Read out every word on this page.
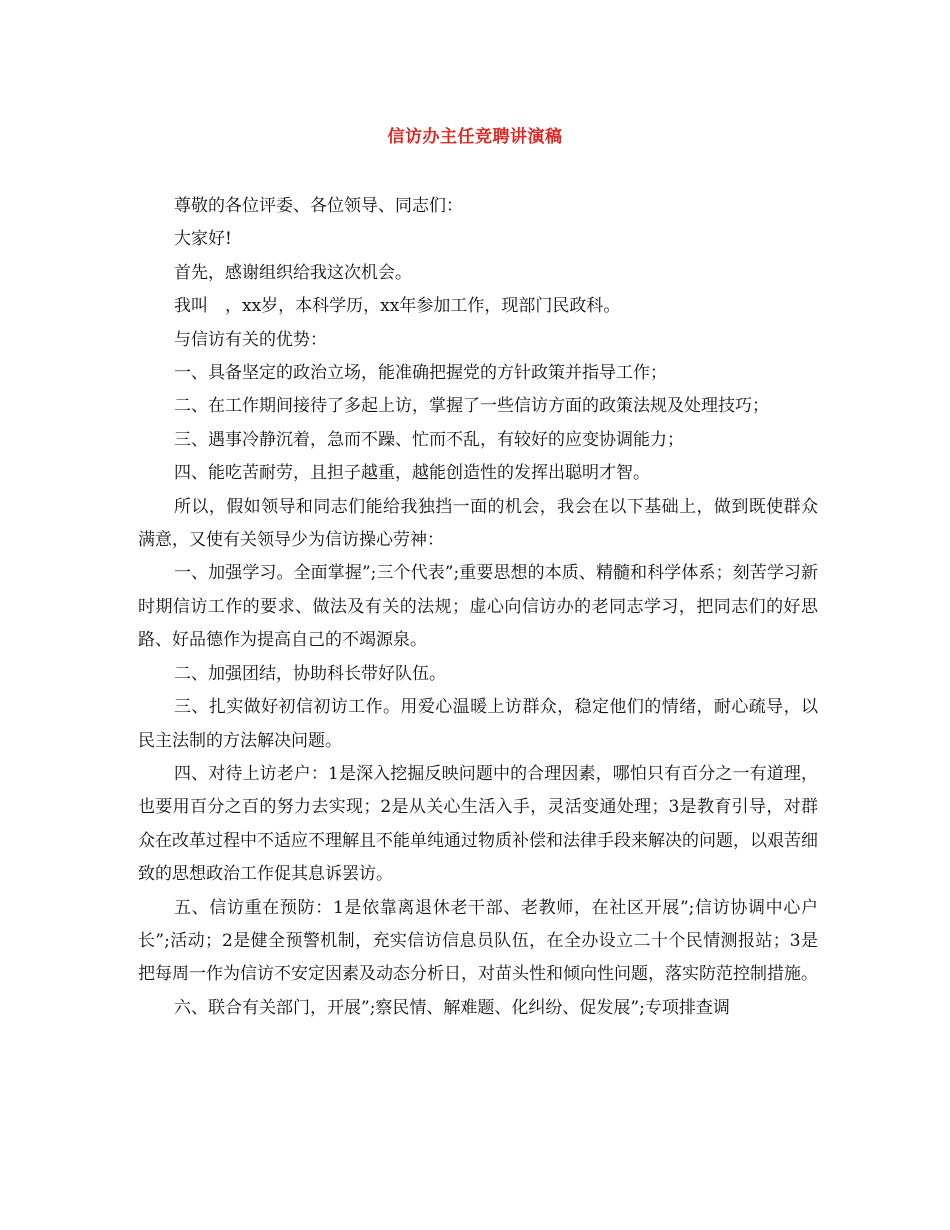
信访办主任竞聘讲演稿

尊敬的各位评委、各位领导、同志们：

大家好!

首先，感谢组织给我这次机会。

我叫　，xx岁，本科学历，xx年参加工作，现部门民政科。

与信访有关的优势：

一、具备坚定的政治立场，能准确把握党的方针政策并指导工作；

二、在工作期间接待了多起上访，掌握了一些信访方面的政策法规及处理技巧；

三、遇事冷静沉着，急而不躁、忙而不乱，有较好的应变协调能力；

四、能吃苦耐劳，且担子越重，越能创造性的发挥出聪明才智。

所以，假如领导和同志们能给我独挡一面的机会，我会在以下基础上，做到既使群众满意，又使有关领导少为信访操心劳神：

一、加强学习。全面掌握”;三个代表”;重要思想的本质、精髓和科学体系；刻苦学习新时期信访工作的要求、做法及有关的法规；虚心向信访办的老同志学习，把同志们的好思路、好品德作为提高自己的不竭源泉。

二、加强团结，协助科长带好队伍。

三、扎实做好初信初访工作。用爱心温暖上访群众，稳定他们的情绪，耐心疏导，以民主法制的方法解决问题。

四、对待上访老户：1是深入挖掘反映问题中的合理因素，哪怕只有百分之一有道理，也要用百分之百的努力去实现；2是从关心生活入手，灵活变通处理；3是教育引导，对群众在改革过程中不适应不理解且不能单纯通过物质补偿和法律手段来解决的问题，以艰苦细致的思想政治工作促其息诉罢访。

五、信访重在预防：1是依靠离退休老干部、老教师，在社区开展”;信访协调中心户长”;活动；2是健全预警机制，充实信访信息员队伍，在全办设立二十个民情测报站；3是把每周一作为信访不安定因素及动态分析日，对苗头性和倾向性问题，落实防范控制措施。

六、联合有关部门，开展”;察民情、解难题、化纠纷、促发展”;专项排查调
